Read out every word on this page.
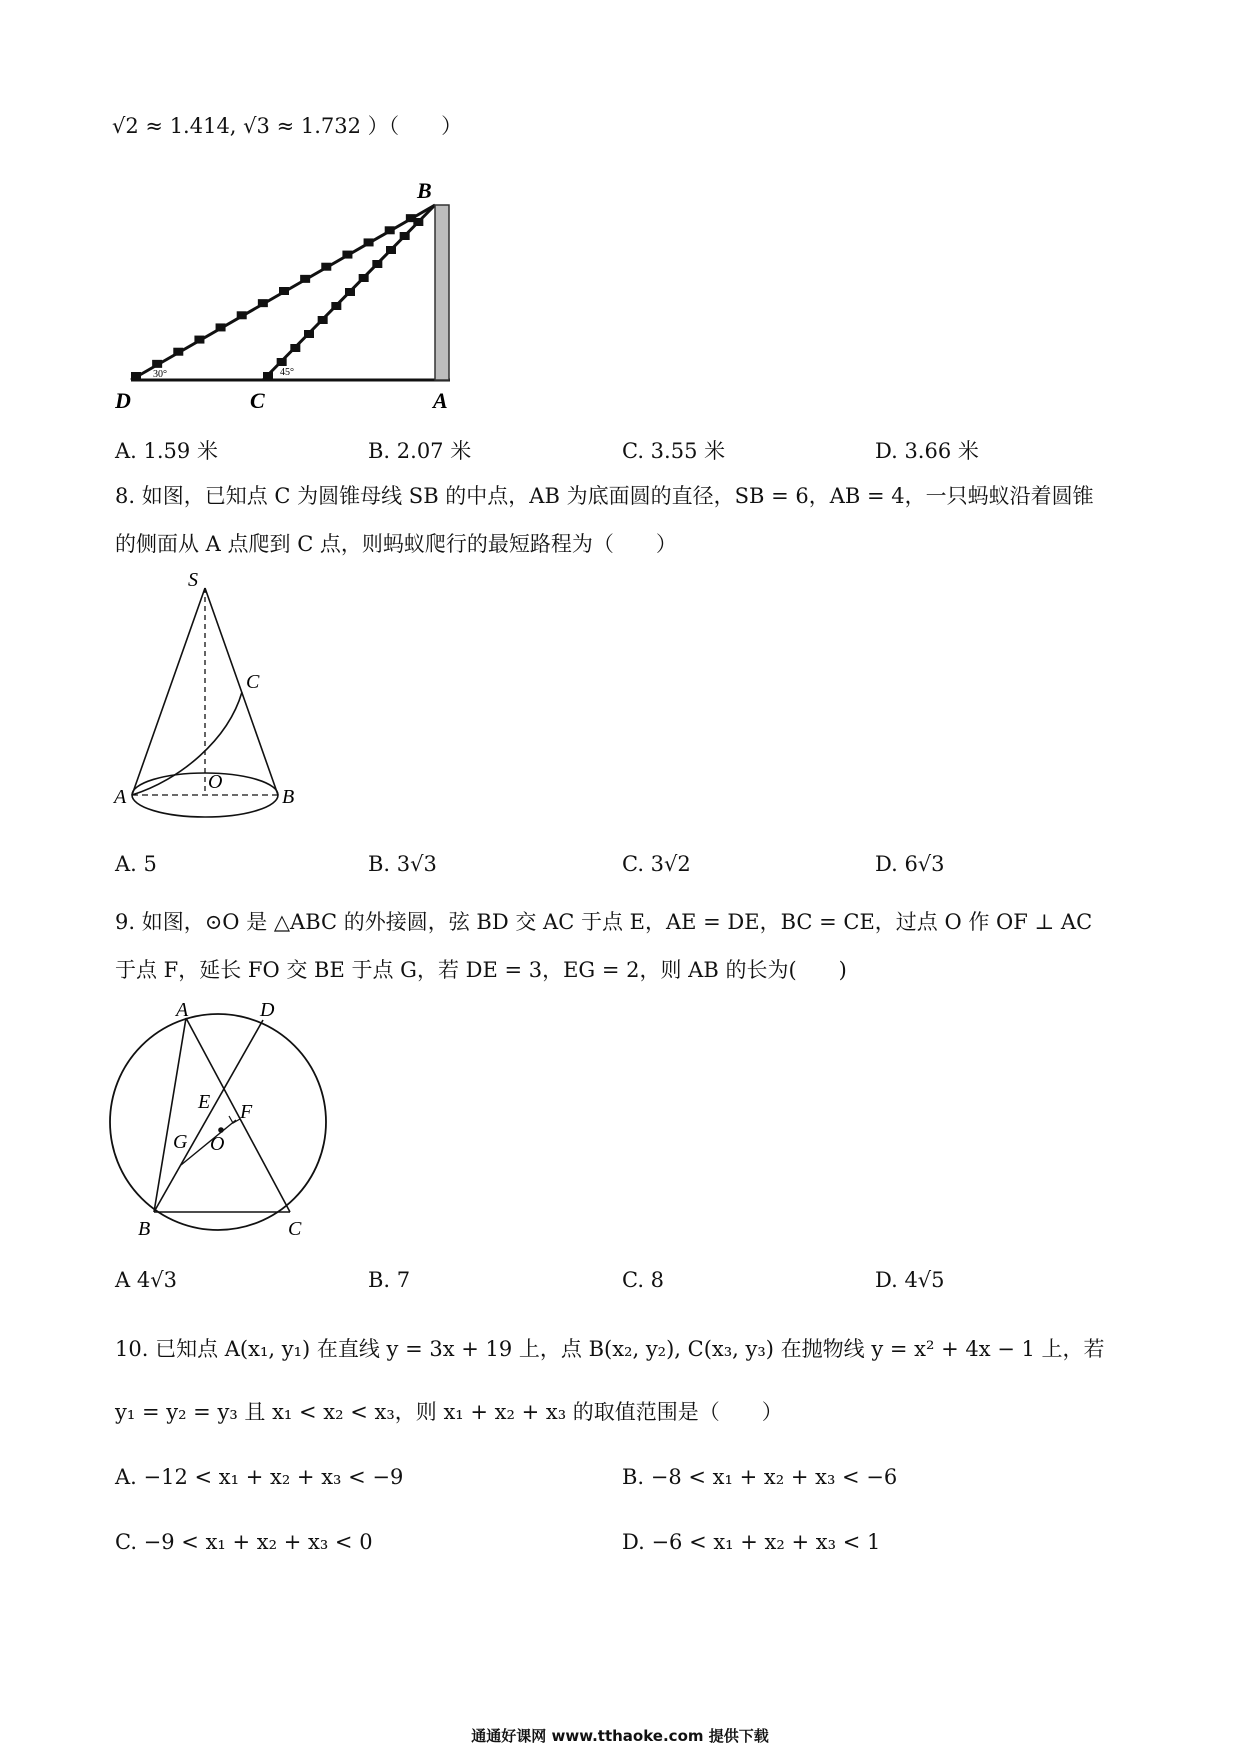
√2 ≈ 1.414, √3 ≈ 1.732 ）（　　）
B
D	C	A
30°	45°
A. 1.59 米	B. 2.07 米	C. 3.55 米	D. 3.66 米
8. 如图，已知点 C 为圆锥母线 SB 的中点，AB 为底面圆的直径，SB = 6，AB = 4，一只蚂蚁沿着圆锥
的侧面从 A 点爬到 C 点，则蚂蚁爬行的最短路程为（　　）
S
C
O
A	B
A. 5	B. 3√3	C. 3√2	D. 6√3
9. 如图，⊙O 是 △ABC 的外接圆，弦 BD 交 AC 于点 E，AE = DE，BC = CE，过点 O 作 OF ⊥ AC
于点 F，延长 FO 交 BE 于点 G，若 DE = 3，EG = 2，则 AB 的长为(　　)
A	D
E F
G O
B	C
A 4√3	B. 7	C. 8	D. 4√5
10. 已知点 A(x₁, y₁) 在直线 y = 3x + 19 上，点 B(x₂, y₂), C(x₃, y₃) 在抛物线 y = x² + 4x − 1 上，若
y₁ = y₂ = y₃ 且 x₁ < x₂ < x₃，则 x₁ + x₂ + x₃ 的取值范围是（　　）
A. −12 < x₁ + x₂ + x₃ < −9	B. −8 < x₁ + x₂ + x₃ < −6
C. −9 < x₁ + x₂ + x₃ < 0	D. −6 < x₁ + x₂ + x₃ < 1
通通好课网 www.tthaoke.com 提供下载
